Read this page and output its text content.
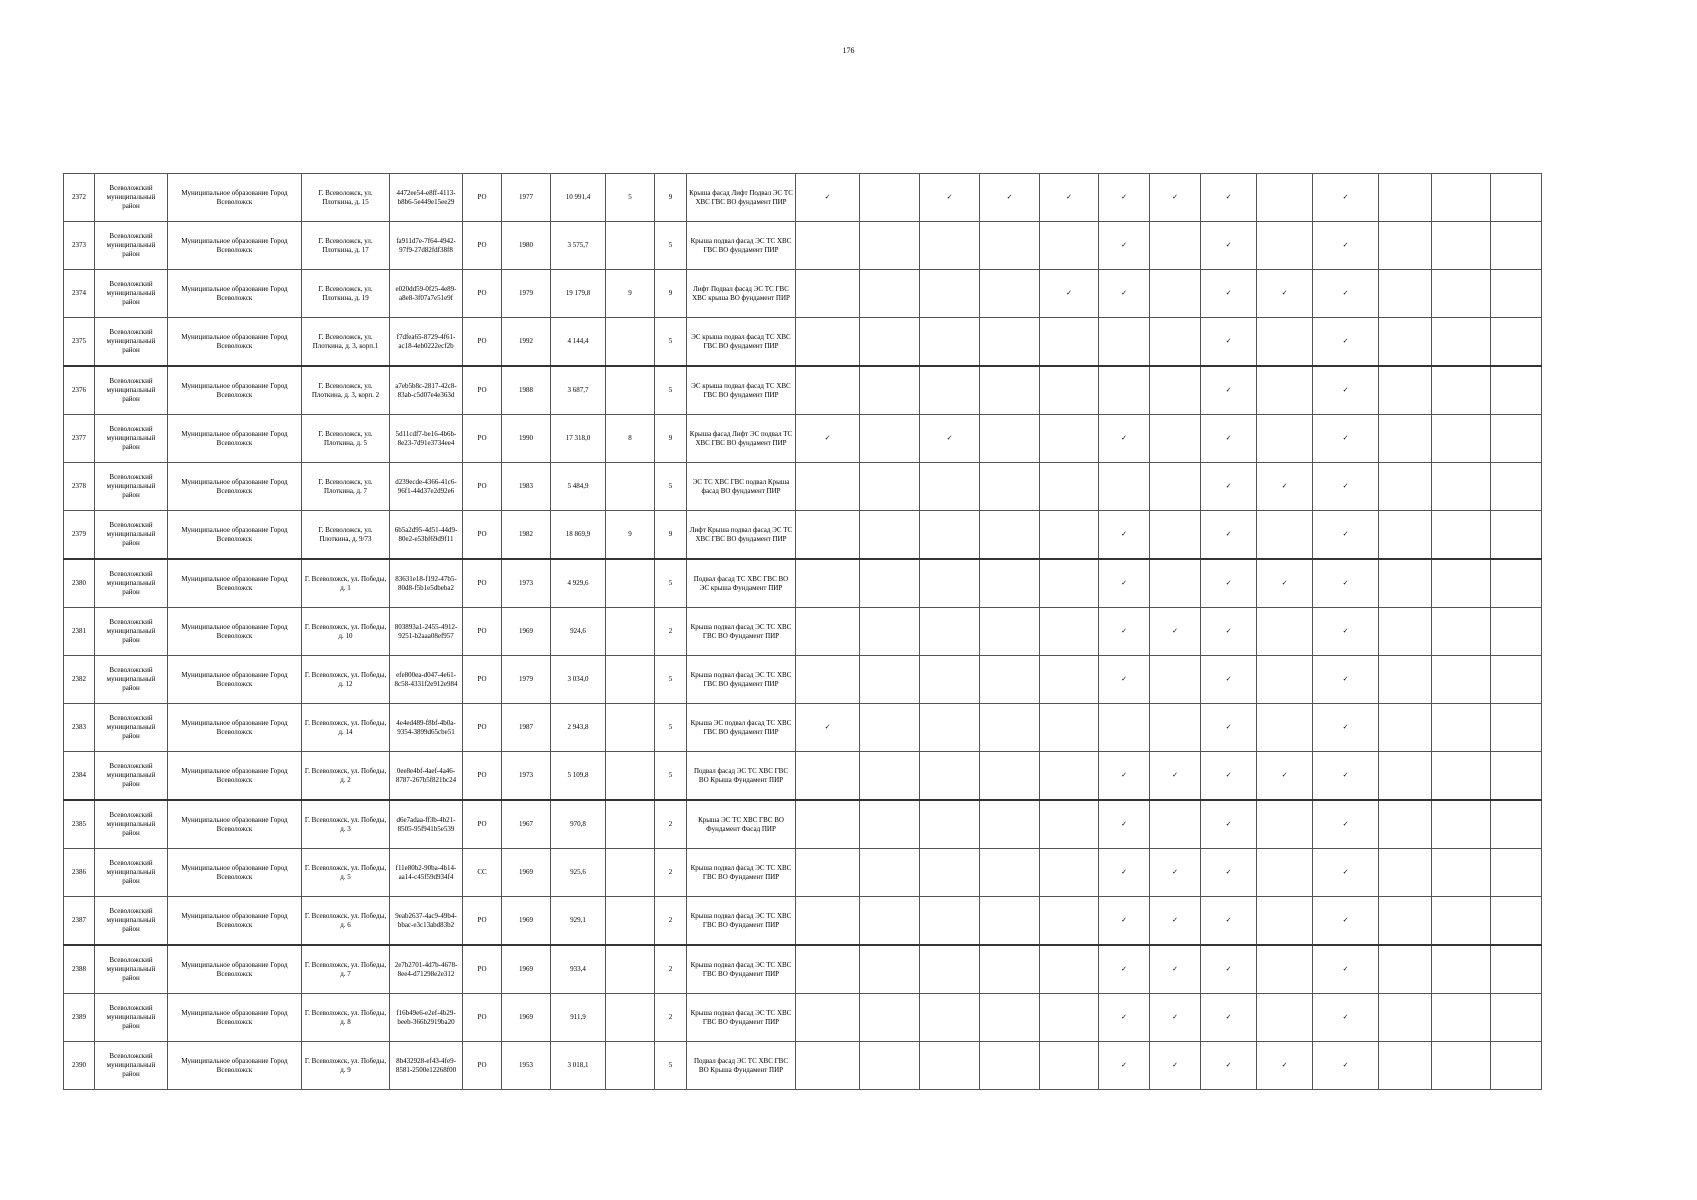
176
2372	Всеволожский муниципальный район	Муниципальное образование Город Всеволожск	Г. Всеволожск, ул. Плоткина, д. 15	4472ee54-e8ff-4113-b8b6-5e449e15ee29	РО	1977	10 991,4	5	9	Крыша фасад Лифт Подвал ЭС ТС ХВС ГВС ВО фундамент ПИР	✓		✓	✓	✓	✓	✓	✓		✓			
2373	Всеволожский муниципальный район	Муниципальное образование Город Всеволожск	Г. Всеволожск, ул. Плоткина, д. 17	fa911d7e-7f64-4942-97f9-27d82fdf38f8	РО	1980	3 575,7		5	Крыша подвал фасад ЭС ТС ХВС ГВС ВО фундамент ПИР						✓		✓		✓			
2374	Всеволожский муниципальный район	Муниципальное образование Город Всеволожск	Г. Всеволожск, ул. Плоткина, д. 19	e020dd59-0f25-4e89-a8e8-3f07a7e51e9f	РО	1979	19 179,8	9	9	Лифт Подвал фасад ЭС ТС ГВС ХВС крыша ВО фундамент ПИР					✓	✓		✓	✓	✓			
2375	Всеволожский муниципальный район	Муниципальное образование Город Всеволожск	Г. Всеволожск, ул. Плоткина, д. 3, корп.1	f7dfea65-8729-4f61-ac18-4eb0222ecf2b	РО	1992	4 144,4		5	ЭС крыша подвал фасад ТС ХВС ГВС ВО фундамент ПИР								✓		✓			
2376	Всеволожский муниципальный район	Муниципальное образование Город Всеволожск	Г. Всеволожск, ул. Плоткина, д. 3, корп. 2	a7eb5b8c-2817-42c8-83ab-c5d07e4e363d	РО	1988	3 687,7		5	ЭС крыша подвал фасад ТС ХВС ГВС ВО фундамент ПИР								✓		✓			
2377	Всеволожский муниципальный район	Муниципальное образование Город Всеволожск	Г. Всеволожск, ул. Плоткина, д. 5	5d11cdf7-be16-4b6b-8e23-7d91e3734ee4	РО	1990	17 318,0	8	9	Крыша фасад Лифт ЭС подвал ТС ХВС ГВС ВО фундамент ПИР	✓		✓			✓		✓		✓			
2378	Всеволожский муниципальный район	Муниципальное образование Город Всеволожск	Г. Всеволожск, ул. Плоткина, д. 7	d239ecde-4366-41c6-96f1-44d37e2d92e6	РО	1983	5 484,9		5	ЭС ТС ХВС ГВС подвал Крыша фасад ВО фундамент ПИР								✓	✓	✓			
2379	Всеволожский муниципальный район	Муниципальное образование Город Всеволожск	Г. Всеволожск, ул. Плоткина, д. 9/73	6b5a2d95-4d51-44d9-80e2-e53bf69d9f11	РО	1982	18 869,9	9	9	Лифт Крыша подвал фасад ЭС ТС ХВС ГВС ВО фундамент ПИР						✓		✓		✓			
2380	Всеволожский муниципальный район	Муниципальное образование Город Всеволожск	Г. Всеволожск, ул. Победы, д. 1	83631e18-f192-47b5-80d8-f5b1e5dbeba2	РО	1973	4 929,6		5	Подвал фасад ТС ХВС ГВС ВО ЭС крыша Фундамент ПИР						✓		✓	✓	✓			
2381	Всеволожский муниципальный район	Муниципальное образование Город Всеволожск	Г. Всеволожск, ул. Победы, д. 10	803893a1-2455-4912-9251-b2aaa08ef957	РО	1969	924,6		2	Крыша подвал фасад ЭС ТС ХВС ГВС ВО Фундамент ПИР						✓	✓	✓		✓			
2382	Всеволожский муниципальный район	Муниципальное образование Город Всеволожск	Г. Всеволожск, ул. Победы, д. 12	efe800ea-d047-4e61-8c58-4331f2e912e984	РО	1979	3 034,0		5	Крыша подвал фасад ЭС ТС ХВС ГВС ВО фундамент ПИР						✓		✓		✓			
2383	Всеволожский муниципальный район	Муниципальное образование Город Всеволожск	Г. Всеволожск, ул. Победы, д. 14	4e4ed489-f8bf-4b0a-9354-3899d65cbe51	РО	1987	2 943,8		5	Крыша ЭС подвал фасад ТС ХВС ГВС ВО фундамент ПИР	✓							✓		✓			
2384	Всеволожский муниципальный район	Муниципальное образование Город Всеволожск	Г. Всеволожск, ул. Победы, д. 2	0ee8e4bf-4aef-4a46-8787-267b5f821bc24	РО	1973	5 109,8		5	Подвал фасад ЭС ТС ХВС ГВС ВО Крыша Фундамент ПИР						✓	✓	✓	✓	✓			
2385	Всеволожский муниципальный район	Муниципальное образование Город Всеволожск	Г. Всеволожск, ул. Победы, д. 3	d6e7adaa-ff3b-4b21-8505-95f941b5e539	РО	1967	970,8		2	Крыша ЭС ТС ХВС ГВС ВО Фундамент Фасад ПИР						✓		✓		✓			
2386	Всеволожский муниципальный район	Муниципальное образование Город Всеволожск	Г. Всеволожск, ул. Победы, д. 5	f11e80b2-90ba-4b14-aa14-c45f59d934f4	СС	1969	925,6		2	Крыша подвал фасад ЭС ТС ХВС ГВС ВО Фундамент ПИР						✓	✓	✓		✓			
2387	Всеволожский муниципальный район	Муниципальное образование Город Всеволожск	Г. Всеволожск, ул. Победы, д. 6	9eab2637-4ac9-49b4-bbac-e3c13abd83b2	РО	1969	929,1		2	Крыша подвал фасад ЭС ТС ХВС ГВС ВО Фундамент ПИР						✓	✓	✓		✓			
2388	Всеволожский муниципальный район	Муниципальное образование Город Всеволожск	Г. Всеволожск, ул. Победы, д. 7	2e7b2701-4d7b-4678-8ee4-d71298e2e312	РО	1969	933,4		2	Крыша подвал фасад ЭС ТС ХВС ГВС ВО Фундамент ПИР						✓	✓	✓		✓			
2389	Всеволожский муниципальный район	Муниципальное образование Город Всеволожск	Г. Всеволожск, ул. Победы, д. 8	f16b49e6-e2ef-4b29-beeb-366b2919ba20	РО	1969	911,9		2	Крыша подвал фасад ЭС ТС ХВС ГВС ВО Фундамент ПИР						✓	✓	✓		✓			
2390	Всеволожский муниципальный район	Муниципальное образование Город Всеволожск	Г. Всеволожск, ул. Победы, д. 9	8b432928-ef43-4fe9-8581-2500e12268f00	РО	1953	3 018,1		5	Подвал фасад ЭС ТС ХВС ГВС ВО Крыша Фундамент ПИР						✓	✓	✓	✓	✓			
